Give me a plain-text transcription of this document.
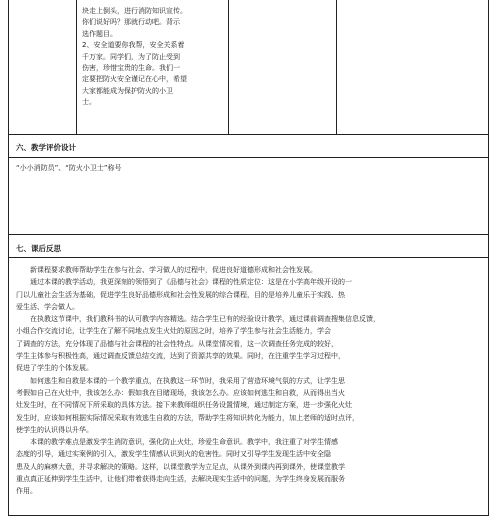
块走上倒头，进行消防知识宣传。
你们说好吗？那就行动吧。背示
选作题目。
2、安全道要你我帮，安全关系着
千万家。同学们，为了防止受到
伤害，珍惜宝贵的生命。我们一
定要把防火安全谨记在心中，希望
大家都能成为保护防火的小卫
士。
六、教学评价设计
“小小消防员”、“防火小卫士”称号
七、课后反思
新课程要求教师帮助学生在参与社会、学习做人的过程中，促进良好道德形成和社会性发展。
通过本课的教学活动，我更深刻的领悟到了《品德与社会》课程的性质定位：这是在小学高年级开设的一
门以儿童社会生活为基础，促进学生良好品德形成和社会性发展的综合课程，目的是培养儿童乐于实践、热
爱生活、学会做人。
在执教这节课中，我们教科书的认可教学内容精选。结合学生已有的经验设计教学，通过课前调查搜集信息反馈，
小组合作交流讨论，让学生在了解不同地点发生火灶的原因之时，培养了学生参与社会生活能力，学会
了调查的方法，充分体现了品德与社会课程的社会性特点。从课堂情况看，这一次调查任务完成的较好，
学生主体参与积极性高，通过调查反馈总结交流，达到了资源共享的效果。同时，在注重学生学习过程中，
促进了学生的个体发展。
如何逃生和自救是本课的一个教学重点，在执教这一环节时，我采用了营造环境气氛的方式，让学生思
考假如自己在火灶中，我该怎么办：假如我在目睹现场，我该怎么办。应该如何逃生和自救，从而得出当火
灶发生时，在不同情况下所采取的具体方法。接下来教师组织任务设置情境，通过制定方案，进一步强化火灶
发生时，应该如何根据实际情况采取有效逃生自救的方法，帮助学生将知识转化为能力，加上老师的适时点评，
使学生的认识得以升华。
本课的教学难点是激发学生消防意识，强化防止火灶，珍爱生命意识。教学中，我注重了对学生情感
态度的引导，通过实案例的引入，激发学生情感认识到火的危害性。同时又引导学生发现生活中安全隐
患及人的麻痹大意，并寻求解决的策略。这样，以课堂教学为立足点，从课外到课内再到课外，使课堂教学
重点真正延伸到学生生活中，让他们带着获得走向生活，去解决现实生活中的问题，为学生终身发展而服务
作用。
